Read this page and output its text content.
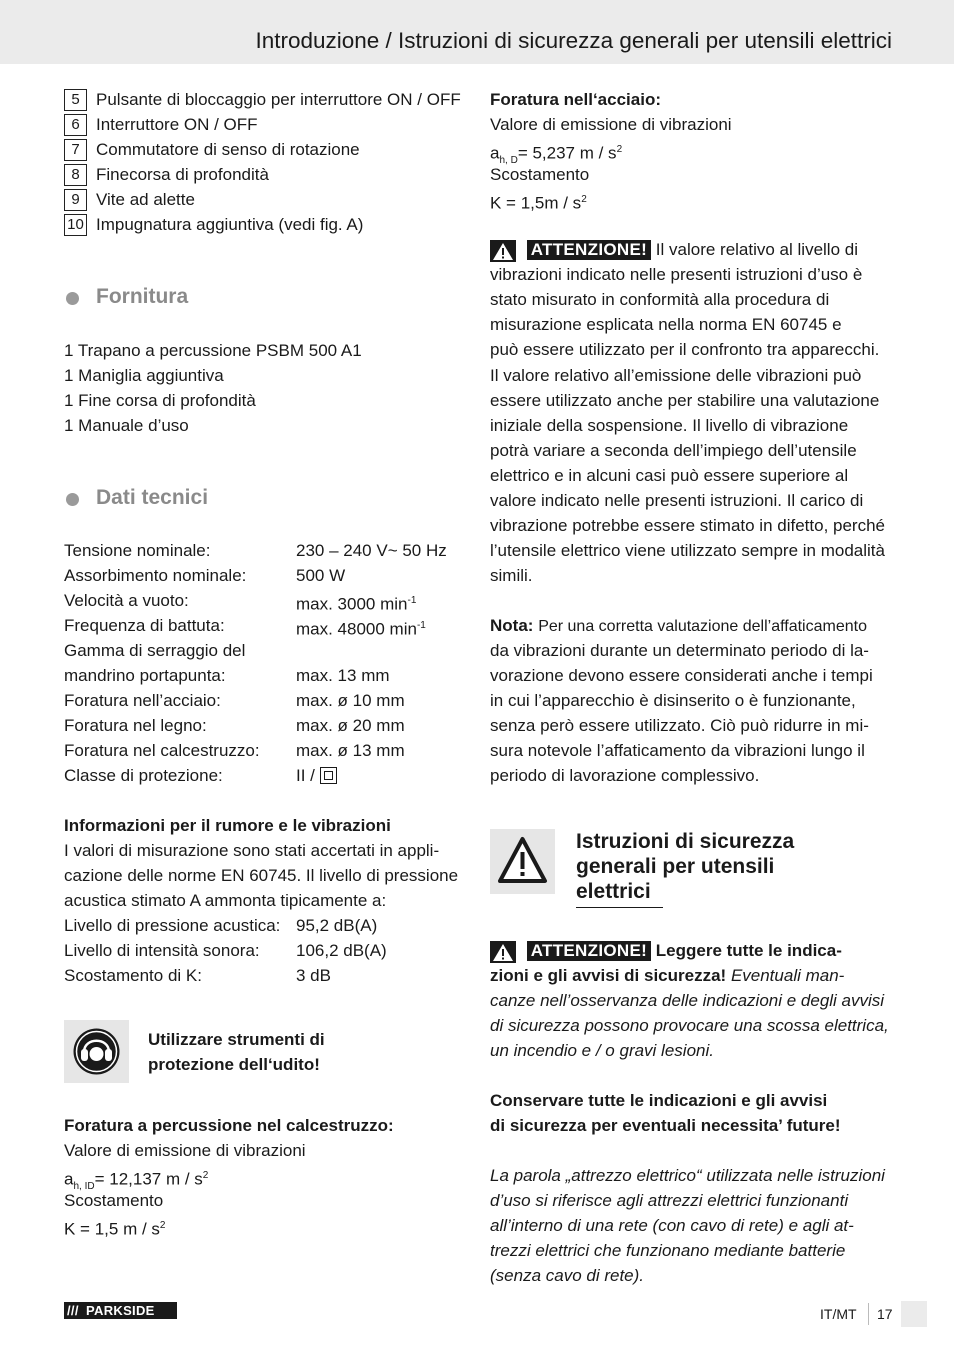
Introduzione / Istruzioni di sicurezza generali per utensili elettrici
5 Pulsante di bloccaggio per interruttore ON / OFF
6 Interruttore ON / OFF
7 Commutatore di senso di rotazione
8 Finecorsa di profondità
9 Vite ad alette
10 Impugnatura aggiuntiva (vedi fig. A)
Fornitura
1 Trapano a percussione PSBM 500 A1
1 Maniglia aggiuntiva
1 Fine corsa di profondità
1 Manuale d’uso
Dati tecnici
Tensione nominale:	230 – 240 V~ 50 Hz
Assorbimento nominale:	500 W
Velocità a vuoto:	max. 3000 $\min^{-1}$
Frequenza di battuta:	max. 48000 $\min^{-1}$
Gamma di serraggio del
mandrino portapunta:	max. 13 mm
Foratura nell’acciaio:	max. ø 10 mm
Foratura nel legno:	max. ø 20 mm
Foratura nel calcestruzzo: max. ø 13 mm
Classe di protezione:	II /
Informazioni per il rumore e le vibrazioni
I valori di misurazione sono stati accertati in appli-
cazione delle norme EN 60745. Il livello di pressione
acustica stimato A ammonta tipicamente a:
Livello di pressione acustica: 95,2 dB(A)
Livello di intensità sonora: 106,2 dB(A)
Scostamento di K:	3 dB
Utilizzare strumenti di
protezione dell‘udito!
Foratura a percussione nel calcestruzzo:
Valore di emissione di vibrazioni
$a_{h, ID}= 12,137$ m / $s^2$
Scostamento
K = 1,5 m / $s^2$
Foratura nell‘acciaio:
Valore di emissione di vibrazioni
$a_{h, D}= 5,237$ m / $s^2$
Scostamento
$K = 1,5m / s^2$
ATTENZIONE! Il valore relativo al livello di
vibrazioni indicato nelle presenti istruzioni d’uso è
stato misurato in conformità alla procedura di
misurazione esplicata nella norma EN 60745 e
può essere utilizzato per il confronto tra apparecchi.
Il valore relativo all’emissione delle vibrazioni può
essere utilizzato anche per stabilire una valutazione
iniziale della sospensione. Il livello di vibrazione
potrà variare a seconda dell’impiego dell’utensile
elettrico e in alcuni casi può essere superiore al
valore indicato nelle presenti istruzioni. Il carico di
vibrazione potrebbe essere stimato in difetto, perché
l’utensile elettrico viene utilizzato sempre in modalità
simili.
Nota: Per una corretta valutazione dell’affaticamento
da vibrazioni durante un determinato periodo di la-
vorazione devono essere considerati anche i tempi
in cui l’apparecchio è disinserito o è funzionante,
senza però essere utilizzato. Ciò può ridurre in mi-
sura notevole l’affaticamento da vibrazioni lungo il
periodo di lavorazione complessivo.
Istruzioni di sicurezza
generali per utensili
elettrici
ATTENZIONE! Leggere tutte le indica-
zioni e gli avvisi di sicurezza! Eventuali man-
canze nell’osservanza delle indicazioni e degli avvisi
di sicurezza possono provocare una scossa elettrica,
un incendio e / o gravi lesioni.
Conservare tutte le indicazioni e gli avvisi
di sicurezza per eventuali necessita’ future!
La parola „attrezzo elettrico“ utilizzata nelle istruzioni
d’uso si riferisce agli attrezzi elettrici funzionanti
all’interno di una rete (con cavo di rete) e agli at-
trezzi elettrici che funzionano mediante batterie
(senza cavo di rete).
/// PARKSIDE	IT/MT 17
